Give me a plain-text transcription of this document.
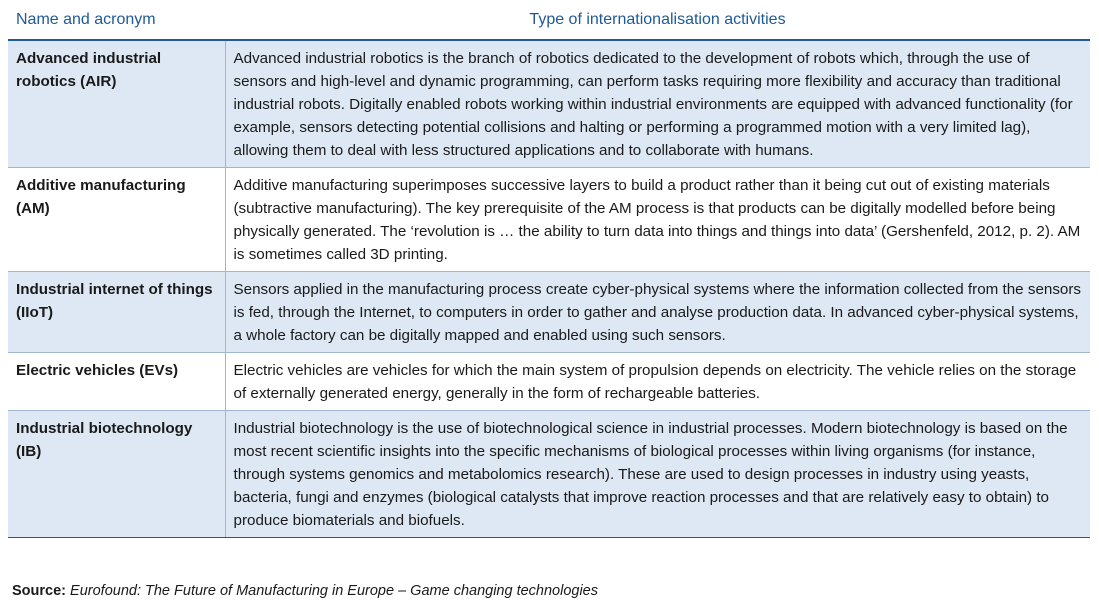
Name and acronym	Type of internationalisation activities
Advanced industrial robotics (AIR)	Advanced industrial robotics is the branch of robotics dedicated to the development of robots which, through the use of sensors and high-level and dynamic programming, can perform tasks requiring more flexibility and accuracy than traditional industrial robots. Digitally enabled robots working within industrial environments are equipped with advanced functionality (for example, sensors detecting potential collisions and halting or performing a programmed motion with a very limited lag), allowing them to deal with less structured applications and to collaborate with humans.
Additive manufacturing (AM)	Additive manufacturing superimposes successive layers to build a product rather than it being cut out of existing materials (subtractive manufacturing). The key prerequisite of the AM process is that products can be digitally modelled before being physically generated. The ‘revolution is … the ability to turn data into things and things into data’ (Gershenfeld, 2012, p. 2). AM is sometimes called 3D printing.
Industrial internet of things (IIoT)	Sensors applied in the manufacturing process create cyber-physical systems where the information collected from the sensors is fed, through the Internet, to computers in order to gather and analyse production data. In advanced cyber-physical systems, a whole factory can be digitally mapped and enabled using such sensors.
Electric vehicles (EVs)	Electric vehicles are vehicles for which the main system of propulsion depends on electricity. The vehicle relies on the storage of externally generated energy, generally in the form of rechargeable batteries.
Industrial biotechnology (IB)	Industrial biotechnology is the use of biotechnological science in industrial processes. Modern biotechnology is based on the most recent scientific insights into the specific mechanisms of biological processes within living organisms (for instance, through systems genomics and metabolomics research). These are used to design processes in industry using yeasts, bacteria, fungi and enzymes (biological catalysts that improve reaction processes and that are relatively easy to obtain) to produce biomaterials and biofuels.
Source: Eurofound: The Future of Manufacturing in Europe – Game changing technologies
